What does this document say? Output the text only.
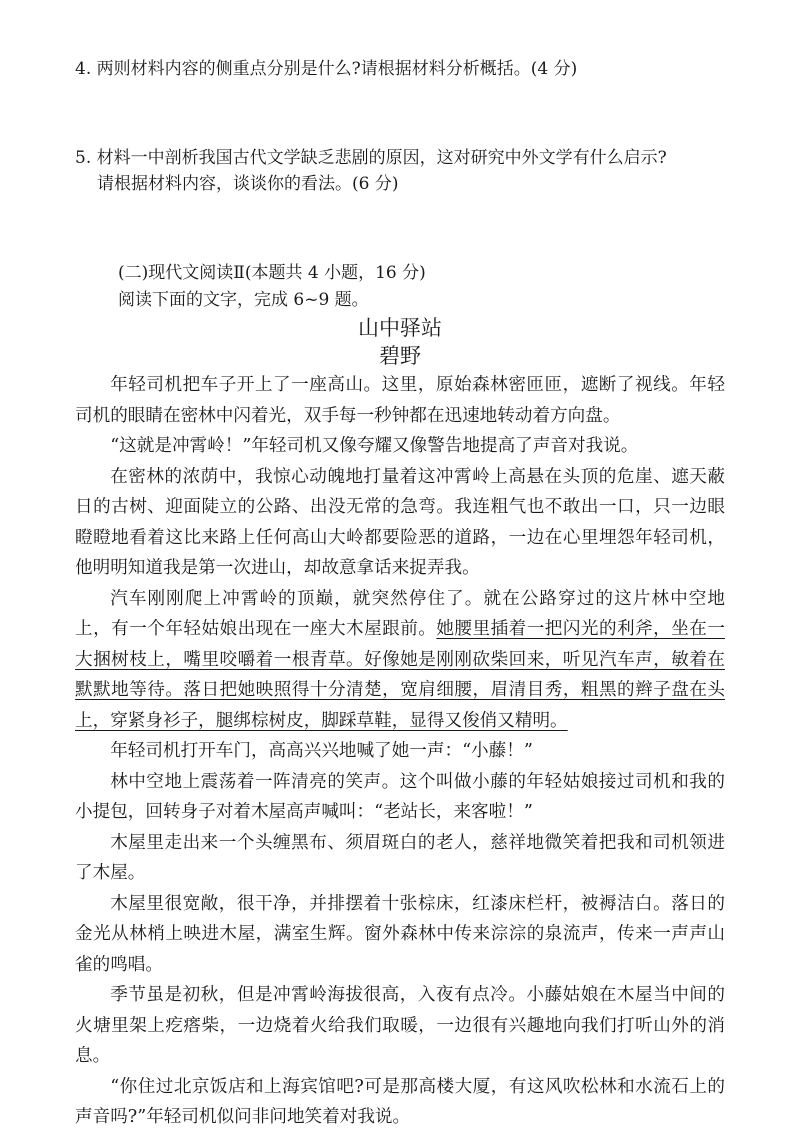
4. 两则材料内容的侧重点分别是什么?请根据材料分析概括。(4 分)
5. 材料一中剖析我国古代文学缺乏悲剧的原因，这对研究中外文学有什么启示?
请根据材料内容，谈谈你的看法。(6 分)
(二)现代文阅读Ⅱ(本题共 4 小题，16 分)
阅读下面的文字，完成 6~9 题。
山中驿站
碧野

年轻司机把车子开上了一座高山。这里，原始森林密匝匝，遮断了视线。年轻司机的眼睛在密林中闪着光，双手每一秒钟都在迅速地转动着方向盘。

“这就是冲霄岭！”年轻司机又像夸耀又像警告地提高了声音对我说。

在密林的浓荫中，我惊心动魄地打量着这冲霄岭上高悬在头顶的危崖、遮天蔽日的古树、迎面陡立的公路、出没无常的急弯。我连粗气也不敢出一口，只一边眼瞪瞪地看着这比来路上任何高山大岭都要险恶的道路，一边在心里埋怨年轻司机，他明明知道我是第一次进山，却故意拿话来捉弄我。

汽车刚刚爬上冲霄岭的顶巅，就突然停住了。就在公路穿过的这片林中空地上，有一个年轻姑娘出现在一座大木屋跟前。她腰里插着一把闪光的利斧，坐在一大捆树枝上，嘴里咬嚼着一根青草。好像她是刚刚砍柴回来，听见汽车声，敏着在默默地等待。落日把她映照得十分清楚，宽肩细腰，眉清目秀，粗黑的辫子盘在头上，穿紧身衫子，腿绑棕树皮，脚踩草鞋，显得又俊俏又精明。

年轻司机打开车门，高高兴兴地喊了她一声：“小藤！”

林中空地上震荡着一阵清亮的笑声。这个叫做小藤的年轻姑娘接过司机和我的小提包，回转身子对着木屋高声喊叫：“老站长，来客啦！”

木屋里走出来一个头缠黑布、须眉斑白的老人，慈祥地微笑着把我和司机领进了木屋。

木屋里很宽敞，很干净，并排摆着十张棕床，红漆床栏杆，被褥洁白。落日的金光从林梢上映进木屋，满室生辉。窗外森林中传来淙淙的泉流声，传来一声声山雀的鸣唱。

季节虽是初秋，但是冲霄岭海拔很高，入夜有点冷。小藤姑娘在木屋当中间的火塘里架上疙瘩柴，一边烧着火给我们取暖，一边很有兴趣地向我们打听山外的消息。

“你住过北京饭店和上海宾馆吧?可是那高楼大厦，有这风吹松林和水流石上的声音吗?”年轻司机似问非问地笑着对我说。
